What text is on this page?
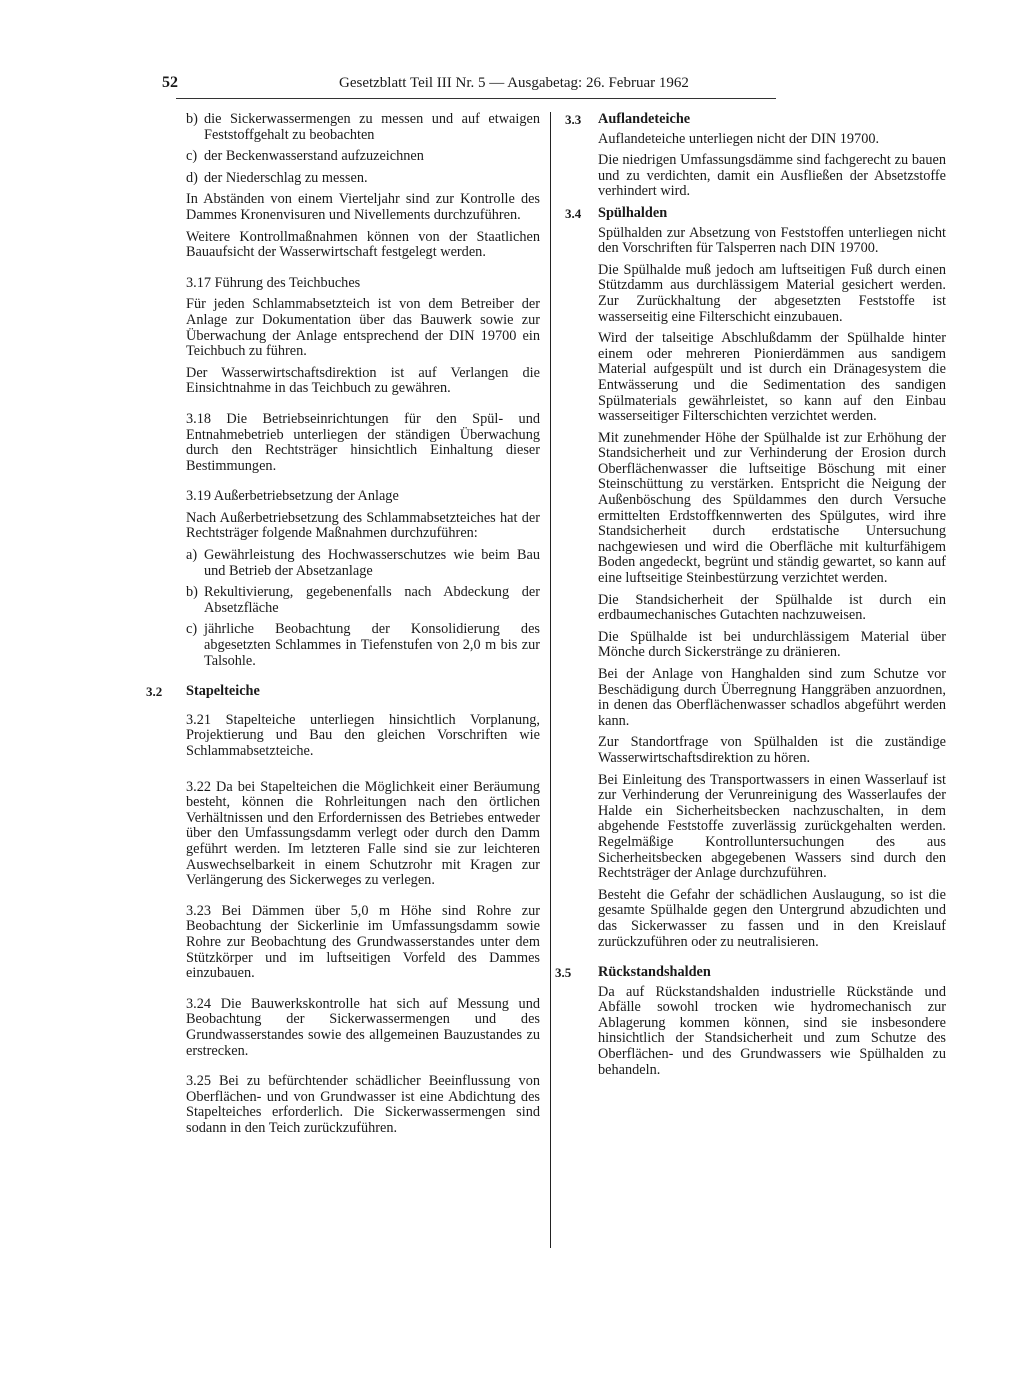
52	Gesetzblatt Teil III Nr. 5 — Ausgabetag: 26. Februar 1962
b) die Sickerwassermengen zu messen und auf etwaigen Feststoffgehalt zu beobachten
c) der Beckenwasserstand aufzuzeichnen
d) der Niederschlag zu messen.

In Abständen von einem Vierteljahr sind zur Kontrolle des Dammes Kronenvisuren und Nivellements durchzuführen.

Weitere Kontrollmaßnahmen können von der Staatlichen Bauaufsicht der Wasserwirtschaft festgelegt werden.

3.17 Führung des Teichbuches

Für jeden Schlammabsetzteich ist von dem Betreiber der Anlage zur Dokumentation über das Bauwerk sowie zur Überwachung der Anlage entsprechend der DIN 19700 ein Teichbuch zu führen.

Der Wasserwirtschaftsdirektion ist auf Verlangen die Einsichtnahme in das Teichbuch zu gewähren.

3.18 Die Betriebseinrichtungen für den Spül- und Entnahmebetrieb unterliegen der ständigen Überwachung durch den Rechtsträger hinsichtlich Einhaltung dieser Bestimmungen.

3.19 Außerbetriebsetzung der Anlage

Nach Außerbetriebsetzung des Schlammabsetzteiches hat der Rechtsträger folgende Maßnahmen durchzuführen:

a) Gewährleistung des Hochwasserschutzes wie beim Bau und Betrieb der Absetzanlage
b) Rekultivierung, gegebenenfalls nach Abdeckung der Absetzfläche
c) jährliche Beobachtung der Konsolidierung des abgesetzten Schlammes in Tiefenstufen von 2,0 m bis zur Talsohle.
3.2 Stapelteiche

3.21 Stapelteiche unterliegen hinsichtlich Vorplanung, Projektierung und Bau den gleichen Vorschriften wie Schlammabsetzteiche.

3.22 Da bei Stapelteichen die Möglichkeit einer Beräumung besteht, können die Rohrleitungen nach den örtlichen Verhältnissen und den Erfordernissen des Betriebes entweder über den Umfassungsdamm verlegt oder durch den Damm geführt werden. Im letzteren Falle sind sie zur leichteren Auswechselbarkeit in einem Schutzrohr mit Kragen zur Verlängerung des Sickerweges zu verlegen.

3.23 Bei Dämmen über 5,0 m Höhe sind Rohre zur Beobachtung der Sickerlinie im Umfassungsdamm sowie Rohre zur Beobachtung des Grundwasserstandes unter dem Stützkörper und im luftseitigen Vorfeld des Dammes einzubauen.

3.24 Die Bauwerkskontrolle hat sich auf Messung und Beobachtung der Sickerwassermengen und des Grundwasserstandes sowie des allgemeinen Bauzustandes zu erstrecken.

3.25 Bei zu befürchtender schädlicher Beeinflussung von Oberflächen- und von Grundwasser ist eine Abdichtung des Stapelteiches erforderlich. Die Sickerwassermengen sind sodann in den Teich zurückzuführen.

3.3 Auflandeteiche

Auflandeteiche unterliegen nicht der DIN 19700.

Die niedrigen Umfassungsdämme sind fachgerecht zu bauen und zu verdichten, damit ein Ausfließen der Absetzstoffe verhindert wird.

3.4 Spülhalden

Spülhalden zur Absetzung von Feststoffen unterliegen nicht den Vorschriften für Talsperren nach DIN 19700.

Die Spülhalde muß jedoch am luftseitigen Fuß durch einen Stützdamm aus durchlässigem Material gesichert werden. Zur Zurückhaltung der abgesetzten Feststoffe ist wasserseitig eine Filterschicht einzubauen.

Wird der talseitige Abschlußdamm der Spülhalde hinter einem oder mehreren Pionierdämmen aus sandigem Material aufgespült und ist durch ein Dränagesystem die Entwässerung und die Sedimentation des sandigen Spülmaterials gewährleistet, so kann auf den Einbau wasserseitiger Filterschichten verzichtet werden.

Mit zunehmender Höhe der Spülhalde ist zur Erhöhung der Standsicherheit und zur Verhinderung der Erosion durch Oberflächenwasser die luftseitige Böschung mit einer Steinschüttung zu verstärken. Entspricht die Neigung der Außenböschung des Spüldammes den durch Versuche ermittelten Erdstoffkennwerten des Spülgutes, wird ihre Standsicherheit durch erdstatische Untersuchung nachgewiesen und wird die Oberfläche mit kulturfähigem Boden angedeckt, begrünt und ständig gewartet, so kann auf eine luftseitige Steinbestürzung verzichtet werden.

Die Standsicherheit der Spülhalde ist durch ein erdbaumechanisches Gutachten nachzuweisen.

Die Spülhalde ist bei undurchlässigem Material über Mönche durch Sickerstränge zu dränieren.

Bei der Anlage von Hanghalden sind zum Schutze vor Beschädigung durch Überregnung Hanggräben anzuordnen, in denen das Oberflächenwasser schadlos abgeführt werden kann.

Zur Standortfrage von Spülhalden ist die zuständige Wasserwirtschaftsdirektion zu hören.

Bei Einleitung des Transportwassers in einen Wasserlauf ist zur Verhinderung der Verunreinigung des Wasserlaufes der Halde ein Sicherheitsbecken nachzuschalten, in dem abgehende Feststoffe zuverlässig zurückgehalten werden. Regelmäßige Kontrolluntersuchungen des aus Sicherheitsbecken abgegebenen Wassers sind durch den Rechtsträger der Anlage durchzuführen.

Besteht die Gefahr der schädlichen Auslaugung, so ist die gesamte Spülhalde gegen den Untergrund abzudichten und das Sickerwasser zu fassen und in den Kreislauf zurückzuführen oder zu neutralisieren.

3.5 Rückstandshalden

Da auf Rückstandshalden industrielle Rückstände und Abfälle sowohl trocken wie hydromechanisch zur Ablagerung kommen können, sind sie insbesondere hinsichtlich der Standsicherheit und zum Schutze des Oberflächen- und des Grundwassers wie Spülhalden zu behandeln.
